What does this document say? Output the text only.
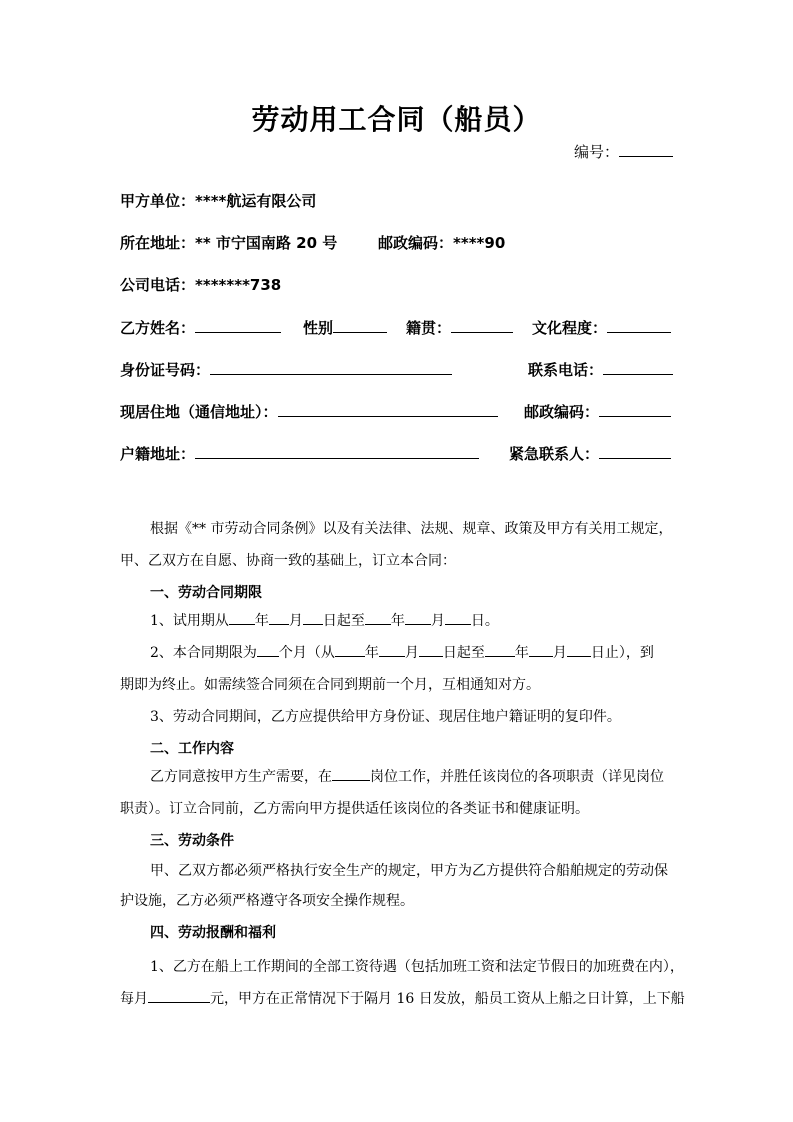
劳动用工合同（船员）
编号：
甲方单位：****航运有限公司
所在地址：** 市宁国南路 20 号	邮政编码：****90
公司电话：*******738
乙方姓名：	性别	籍贯：	文化程度：
身份证号码：	联系电话：
现居住地（通信地址）：	邮政编码：
户籍地址：	紧急联系人：
根据《** 市劳动合同条例》以及有关法律、法规、规章、政策及甲方有关用工规定，
甲、乙双方在自愿、协商一致的基础上，订立本合同：
一、劳动合同期限
1、试用期从 年 月 日起至 年 月 日。
2、本合同期限为 个月（从 年 月 日起至 年 月 日止），到
期即为终止。如需续签合同须在合同到期前一个月，互相通知对方。
3、劳动合同期间，乙方应提供给甲方身份证、现居住地户籍证明的复印件。
二、工作内容
乙方同意按甲方生产需要，在	岗位工作，并胜任该岗位的各项职责（详见岗位
职责）。订立合同前，乙方需向甲方提供适任该岗位的各类证书和健康证明。
三、劳动条件
甲、乙双方都必须严格执行安全生产的规定，甲方为乙方提供符合船舶规定的劳动保
护设施，乙方必须严格遵守各项安全操作规程。
四、劳动报酬和福利
1、乙方在船上工作期间的全部工资待遇（包括加班工资和法定节假日的加班费在内），
每月	元，甲方在正常情况下于隔月 16 日发放，船员工资从上船之日计算，上下船
